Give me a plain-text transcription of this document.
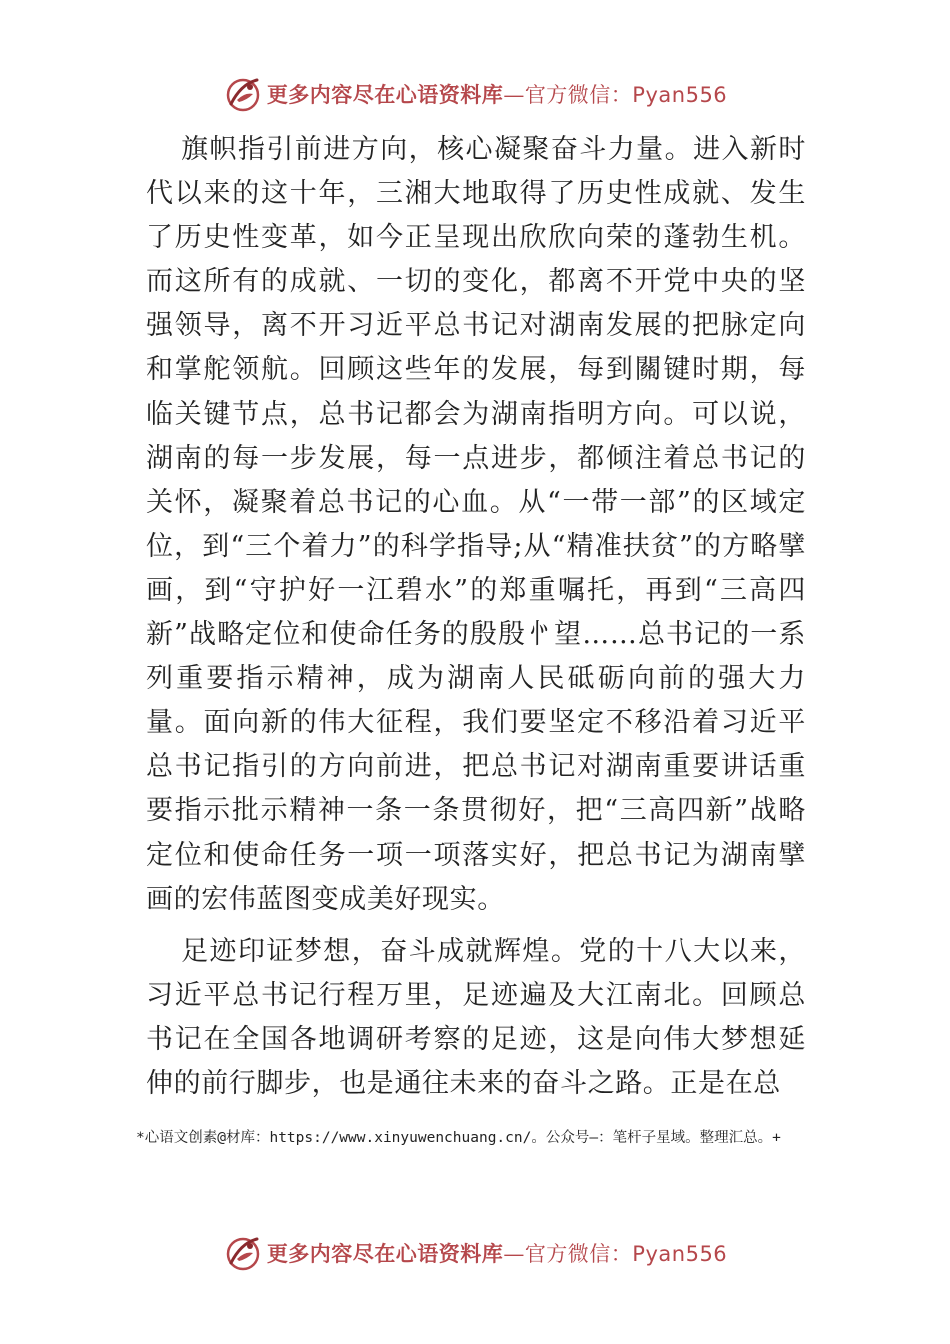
更多内容尽在心语资料库—官方微信：Pyan556

旗帜指引前进方向，核心凝聚奋斗力量。进入新时代以来的这十年，三湘大地取得了历史性成就、发生了历史性变革，如今正呈现出欣欣向荣的蓬勃生机。而这所有的成就、一切的变化，都离不开党中央的坚强领导，离不开习近平总书记对湖南发展的把脉定向和掌舵领航。回顾这些年的发展，每到關键时期，每临关键节点，总书记都会为湖南指明方向。可以说，湖南的每一步发展，每一点进步，都倾注着总书记的关怀，凝聚着总书记的心血。从“一带一部”的区域定位，到“三个着力”的科学指导;从“精准扶贫”的方略擘画，到“守护好一江碧水”的郑重嘱托，再到“三高四新”战略定位和使命任务的殷殷㣺望……总书记的一系列重要指示精神，成为湖南人民砥砺向前的强大力量。面向新的伟大征程，我们要坚定不移沿着习近平总书记指引的方向前进，把总书记对湖南重要讲话重要指示批示精神一条一条贯彻好，把“三高四新”战略定位和使命任务一项一项落实好，把总书记为湖南擘画的宏伟蓝图变成美好现实。

足迹印证梦想，奋斗成就辉煌。党的十八大以来，习近平总书记行程万里，足迹遍及大江南北。回顾总书记在全国各地调研考察的足迹，这是向伟大梦想延伸的前行脚步，也是通往未来的奋斗之路。正是在总

*心语文创素@材库：https://www.xinyuwenchuang.cn/。公众号—：笔杆子星域。整理汇总。+
更多内容尽在心语资料库—官方微信：Pyan556
